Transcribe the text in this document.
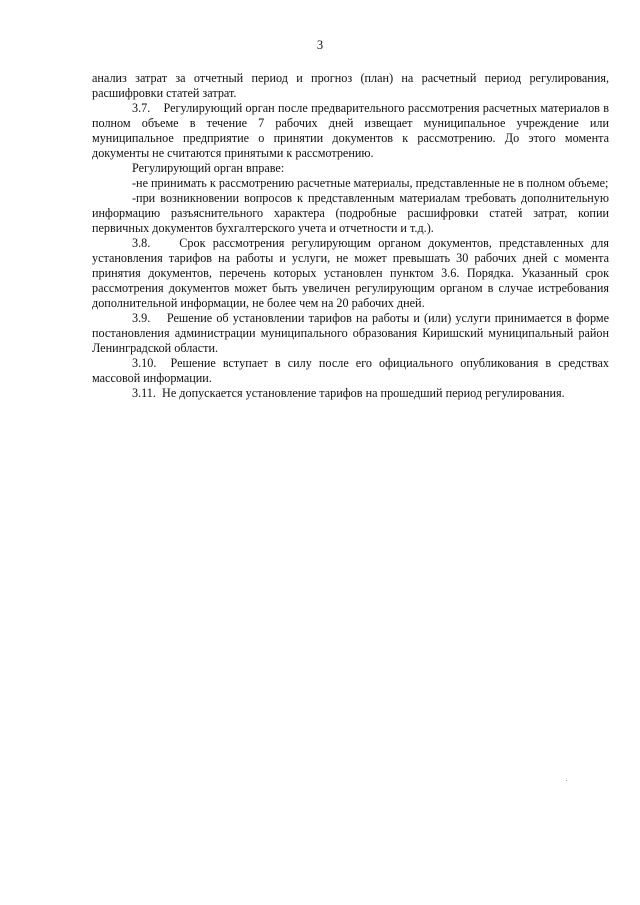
3

анализ затрат за отчетный период и прогноз (план) на расчетный период регулирования, расшифровки статей затрат.

3.7.    Регулирующий орган после предварительного рассмотрения расчетных материалов в полном объеме в течение 7 рабочих дней извещает муниципальное учреждение или муниципальное предприятие о принятии документов к рассмотрению. До этого момента документы не считаются принятыми к рассмотрению.

Регулирующий орган вправе:

-не принимать к рассмотрению расчетные материалы, представленные не в полном объеме;

-при возникновении вопросов к представленным материалам требовать дополнительную информацию разъяснительного характера (подробные расшифровки статей затрат, копии первичных документов бухгалтерского учета и отчетности и т.д.).

3.8.    Срок рассмотрения регулирующим органом документов, представленных для установления тарифов на работы и услуги, не может превышать 30 рабочих дней с момента принятия документов, перечень которых установлен пунктом 3.6. Порядка. Указанный срок рассмотрения документов может быть увеличен регулирующим органом в случае истребования дополнительной информации, не более чем на 20 рабочих дней.

3.9.    Решение об установлении тарифов на работы и (или) услуги принимается в форме постановления администрации муниципального образования Киришский муниципальный район Ленинградской области.

3.10.  Решение вступает в силу после его официального опубликования в средствах массовой информации.

3.11.  Не допускается установление тарифов на прошедший период регулирования.
